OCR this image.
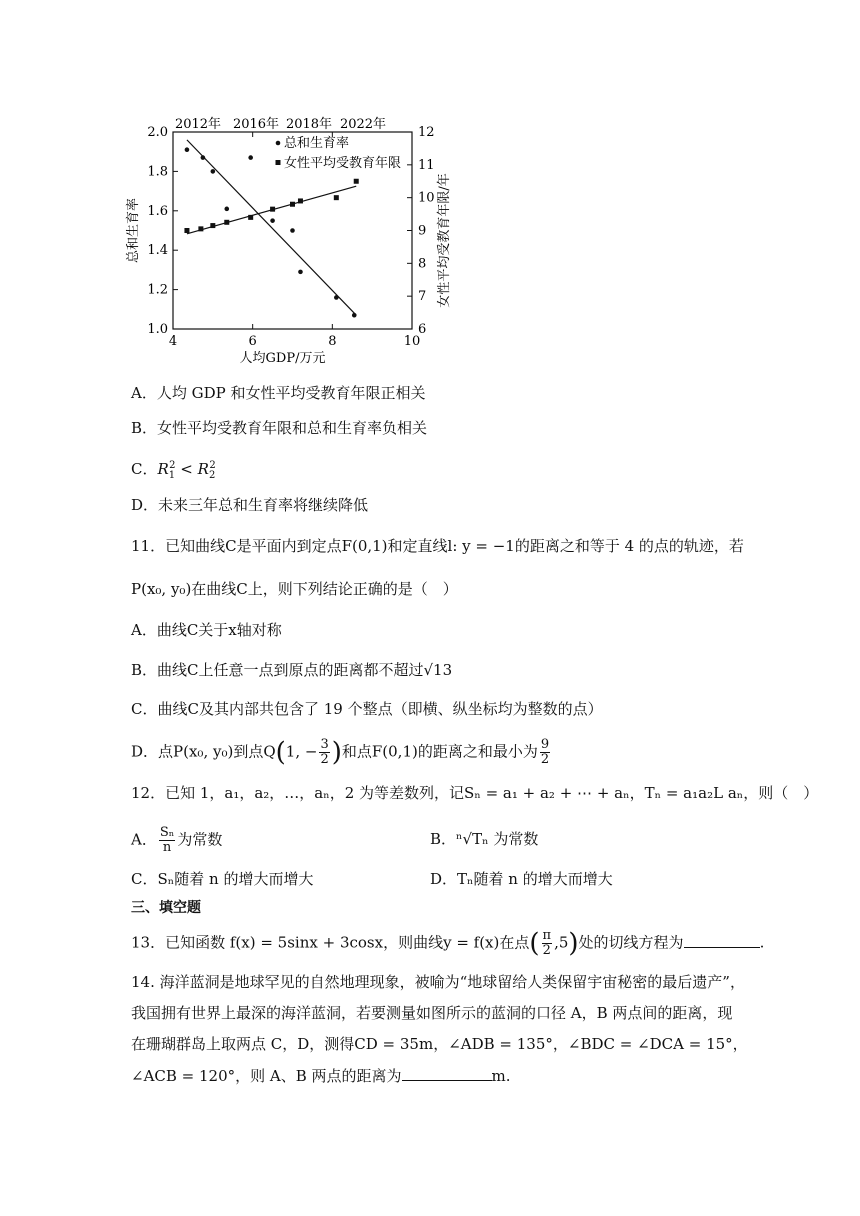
4	6	8	10
1.0
1.2
1.4
1.6
1.8
2.0
6
7
8
9
10
11
12
2012年 2016年 2018年 2022年
人均GDP/万元
总和生育率	女性平均受教育年限/年
总和生育率
女性平均受教育年限
A．人均 GDP 和女性平均受教育年限正相关
B．女性平均受教育年限和总和生育率负相关
C．$R_1^2 < R_2^2$
D．未来三年总和生育率将继续降低
11．已知曲线C是平面内到定点F(0,1)和定直线l: y = −1的距离之和等于 4 的点的轨迹，若
P(x₀, y₀)在曲线C上，则下列结论正确的是（　）
A．曲线C关于x轴对称
B．曲线C上任意一点到原点的距离都不超过√13
C．曲线C及其内部共包含了 19 个整点（即横、纵坐标均为整数的点）
D．点P(x₀, y₀)到点Q(1, − $\frac{3}{2}$ )和点F(0,1)的距离之和最小为 $\frac{9}{2}$
12．已知 1，a₁，a₂，…，aₙ，2 为等差数列，记Sₙ = a₁ + a₂ + ⋯ + aₙ，Tₙ = a₁a₂L aₙ，则（　）
A． $\frac{\text{Sₙ}}{n}$ 为常数	B．ⁿ√Tₙ 为常数
C．Sₙ随着 n 的增大而增大	D．Tₙ随着 n 的增大而增大
三、填空题
13．已知函数 f(x) = 5sinx + 3cosx，则曲线y = f(x)在点( $\frac{\pi}{2} ,5$)处的切线方程为	.
14. 海洋蓝洞是地球罕见的自然地理现象，被喻为“地球留给人类保留宇宙秘密的最后遗产”，
我国拥有世界上最深的海洋蓝洞，若要测量如图所示的蓝洞的口径 A，B 两点间的距离，现
在珊瑚群岛上取两点 C，D，测得CD = 35m，∠ADB = 135°，∠BDC = ∠DCA = 15°，
∠ACB = 120°，则 A、B 两点的距离为	m.
